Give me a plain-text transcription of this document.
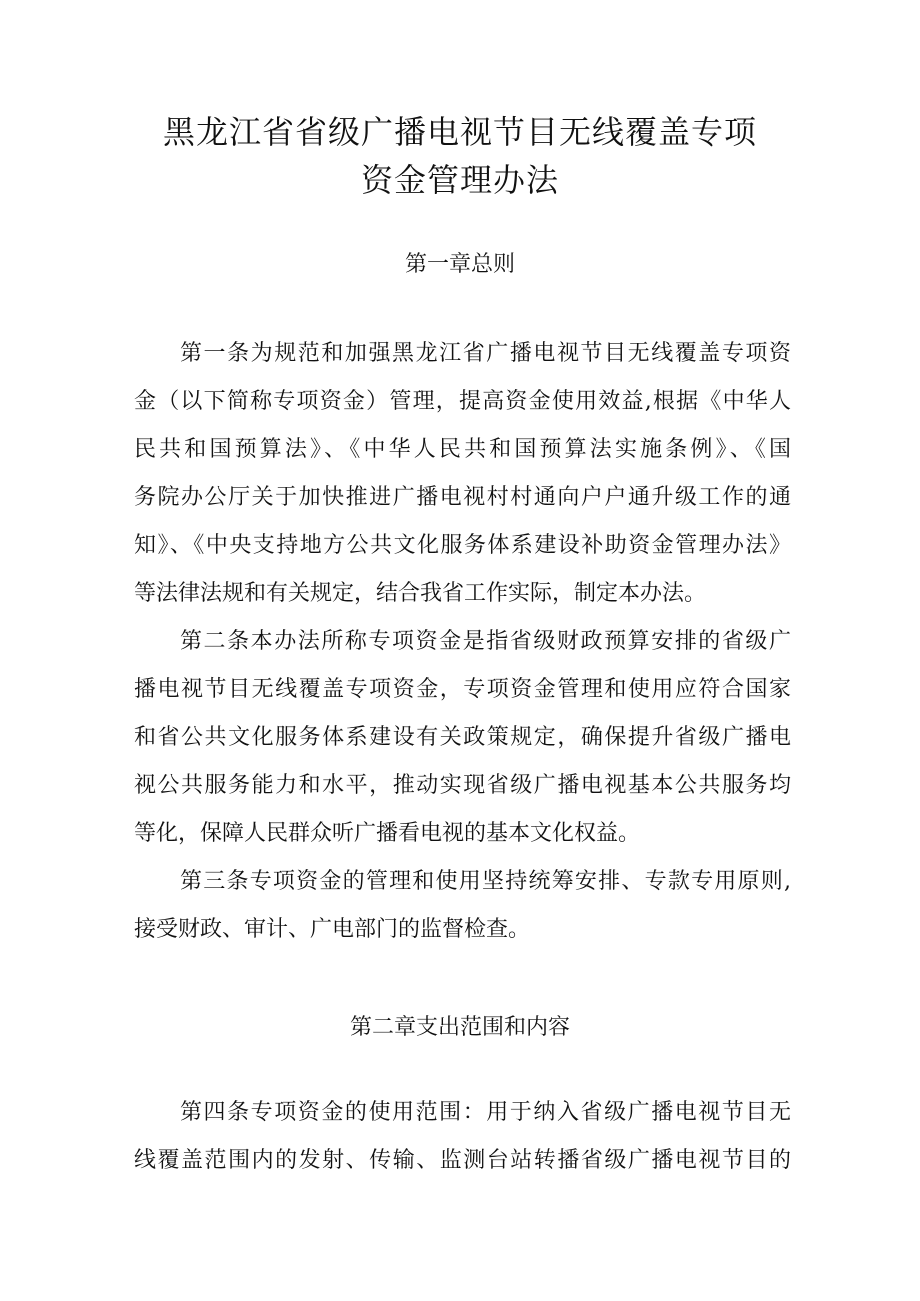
黑龙江省省级广播电视节目无线覆盖专项
资金管理办法
第一章总则
第一条为规范和加强黑龙江省广播电视节目无线覆盖专项资
金（以下简称专项资金）管理，提高资金使用效益,根据《中华人
民共和国预算法》、《中华人民共和国预算法实施条例》、《国
务院办公厅关于加快推进广播电视村村通向户户通升级工作的通
知》、《中央支持地方公共文化服务体系建设补助资金管理办法》
等法律法规和有关规定，结合我省工作实际，制定本办法。
第二条本办法所称专项资金是指省级财政预算安排的省级广
播电视节目无线覆盖专项资金，专项资金管理和使用应符合国家
和省公共文化服务体系建设有关政策规定，确保提升省级广播电
视公共服务能力和水平，推动实现省级广播电视基本公共服务均
等化，保障人民群众听广播看电视的基本文化权益。
第三条专项资金的管理和使用坚持统筹安排、专款专用原则,
接受财政、审计、广电部门的监督检查。
第二章支出范围和内容
第四条专项资金的使用范围：用于纳入省级广播电视节目无
线覆盖范围内的发射、传输、监测台站转播省级广播电视节目的
